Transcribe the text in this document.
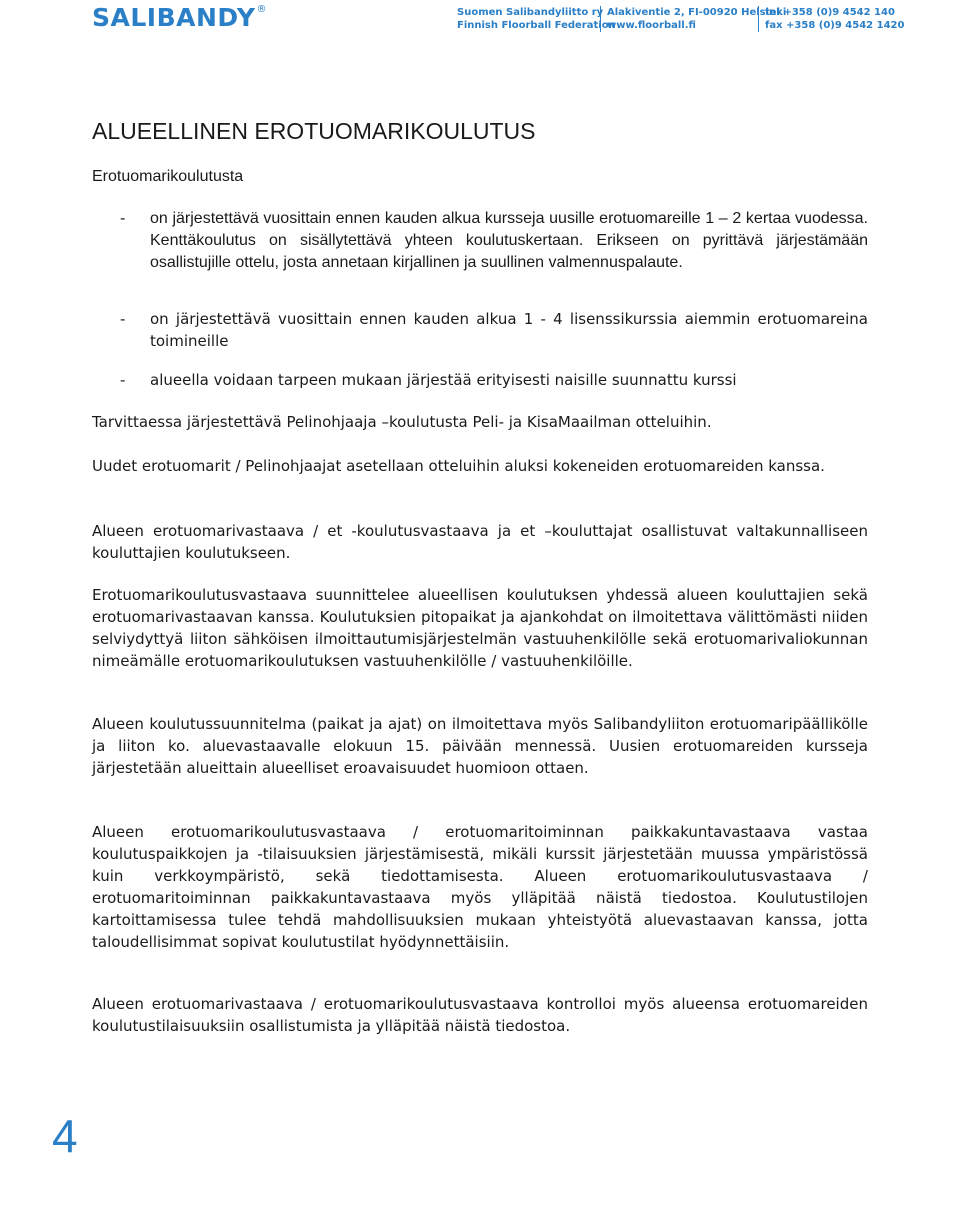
SALIBANDY ®	Suomen Salibandyliitto ry
Finnish Floorball Federation
Alakiventie 2, FI-00920 Helsinki
www.floorball.fi
tel +358 (0)9 4542 140
fax +358 (0)9 4542 1420
ALUEELLINEN EROTUOMARIKOULUTUS

Erotuomarikoulutusta

-	on järjestettävä vuosittain ennen kauden alkua kursseja uusille erotuomareille 1 – 2 kertaa vuodessa. Kenttäkoulutus on sisällytettävä yhteen koulutuskertaan. Erikseen on pyrittävä järjestämään osallistujille ottelu, josta annetaan kirjallinen ja suullinen valmennuspalaute.
-	on järjestettävä vuosittain ennen kauden alkua 1 - 4 lisenssikurssia aiemmin erotuomareina toimineille
-	alueella voidaan tarpeen mukaan järjestää erityisesti naisille suunnattu kurssi

Tarvittaessa järjestettävä Pelinohjaaja –koulutusta Peli- ja KisaMaailman otteluihin.

Uudet erotuomarit / Pelinohjaajat asetellaan otteluihin aluksi kokeneiden erotuomareiden kanssa.

Alueen erotuomarivastaava / et -koulutusvastaava ja et –kouluttajat osallistuvat valtakunnalliseen kouluttajien koulutukseen.

Erotuomarikoulutusvastaava suunnittelee alueellisen koulutuksen yhdessä alueen kouluttajien sekä erotuomarivastaavan kanssa. Koulutuksien pitopaikat ja ajankohdat on ilmoitettava välittömästi niiden selviydyttyä liiton sähköisen ilmoittautumisjärjestelmän vastuuhenkilölle sekä erotuomarivaliokunnan nimeämälle erotuomarikoulutuksen vastuuhenkilölle / vastuuhenkilöille.

Alueen koulutussuunnitelma (paikat ja ajat) on ilmoitettava myös Salibandyliiton erotuomaripäällikölle ja liiton ko. aluevastaavalle elokuun 15. päivään mennessä. Uusien erotuomareiden kursseja järjestetään alueittain alueelliset eroavaisuudet huomioon ottaen.

Alueen erotuomarikoulutusvastaava / erotuomaritoiminnan paikkakuntavastaava vastaa koulutuspaikkojen ja -tilaisuuksien järjestämisestä, mikäli kurssit järjestetään muussa ympäristössä kuin verkkoympäristö, sekä tiedottamisesta. Alueen erotuomarikoulutusvastaava / erotuomaritoiminnan paikkakuntavastaava myös ylläpitää näistä tiedostoa. Koulutustilojen kartoittamisessa tulee tehdä mahdollisuuksien mukaan yhteistyötä aluevastaavan kanssa, jotta taloudellisimmat sopivat koulutustilat hyödynnettäisiin.

Alueen erotuomarivastaava / erotuomarikoulutusvastaava kontrolloi myös alueensa erotuomareiden koulutustilaisuuksiin osallistumista ja ylläpitää näistä tiedostoa.

4
